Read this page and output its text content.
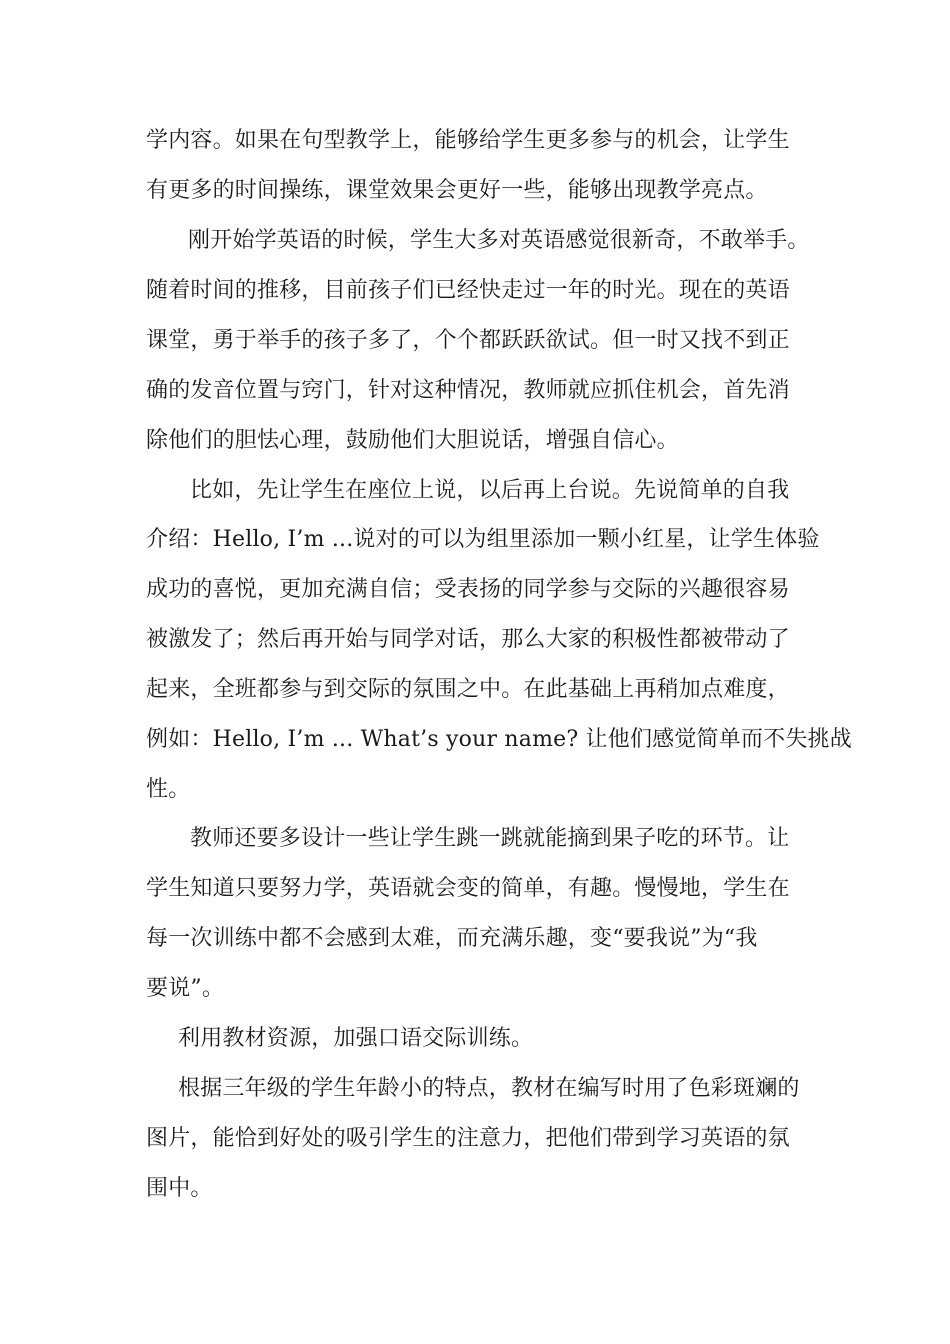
学内容。如果在句型教学上，能够给学生更多参与的机会，让学生
有更多的时间操练，课堂效果会更好一些，能够出现教学亮点。
刚开始学英语的时候，学生大多对英语感觉很新奇，不敢举手。
随着时间的推移，目前孩子们已经快走过一年的时光。现在的英语
课堂，勇于举手的孩子多了，个个都跃跃欲试。但一时又找不到正
确的发音位置与窍门，针对这种情况，教师就应抓住机会，首先消
除他们的胆怯心理，鼓励他们大胆说话，增强自信心。
比如，先让学生在座位上说，以后再上台说。先说简单的自我
介绍：Hello, I’m ...说对的可以为组里添加一颗小红星，让学生体验
成功的喜悦，更加充满自信；受表扬的同学参与交际的兴趣很容易
被激发了；然后再开始与同学对话，那么大家的积极性都被带动了
起来，全班都参与到交际的氛围之中。在此基础上再稍加点难度，
例如：Hello, I’m ... What’s your name? 让他们感觉简单而不失挑战
性。
教师还要多设计一些让学生跳一跳就能摘到果子吃的环节。让
学生知道只要努力学，英语就会变的简单，有趣。慢慢地，学生在
每一次训练中都不会感到太难，而充满乐趣，变“要我说”为“我
要说”。
利用教材资源，加强口语交际训练。
根据三年级的学生年龄小的特点，教材在编写时用了色彩斑斓的
图片，能恰到好处的吸引学生的注意力，把他们带到学习英语的氛
围中。
